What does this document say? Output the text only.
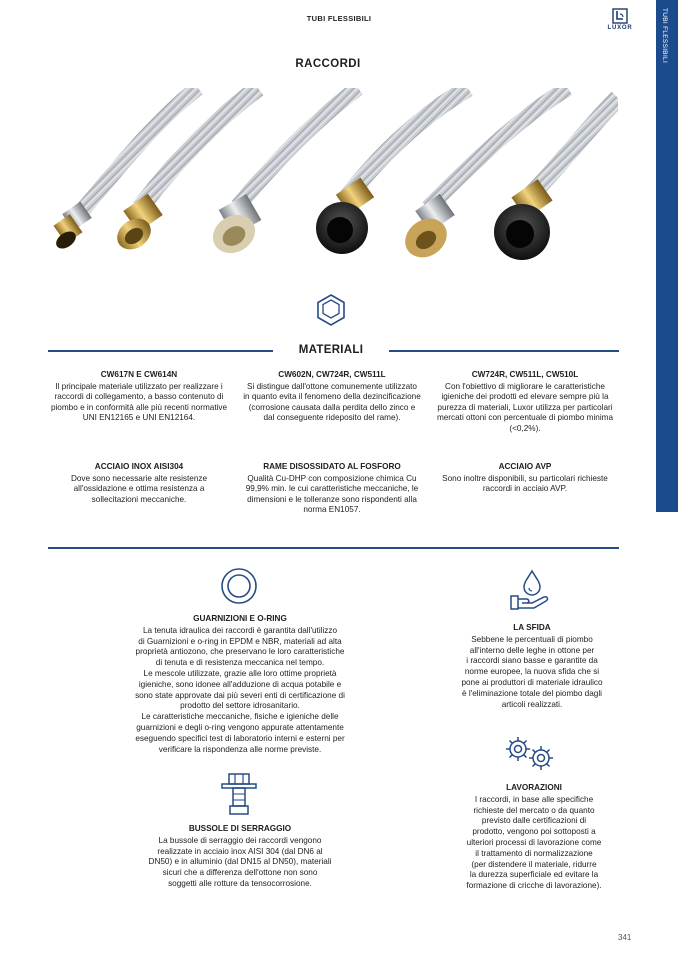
TUBI FLESSIBILI
LUXOR	TUBI FLESSIBILI
RACCORDI
MATERIALI
CW617N E CW614N
Il principale materiale utilizzato per realizzare i raccordi di collegamento, a basso contenuto di piombo e in conformità alle più recenti normative UNI EN12165 e UNI EN12164.
CW602N, CW724R, CW511L
Si distingue dall'ottone comunemente utilizzato in quanto evita il fenomeno della dezincificazione (corrosione causata dalla perdita dello zinco e dal conseguente rideposito del rame).
CW724R, CW511L, CW510L
Con l'obiettivo di migliorare le caratteristiche igieniche dei prodotti ed elevare sempre più la purezza di materiali, Luxor utilizza per particolari mercati ottoni con percentuale di piombo minima (<0,2%).
ACCIAIO INOX AISI304
Dove sono necessarie alte resistenze all'ossidazione e ottima resistenza a sollecitazioni meccaniche.
RAME DISOSSIDATO AL FOSFORO
Qualità Cu-DHP con composizione chimica Cu 99,9% min. le cui caratteristiche meccaniche, le dimensioni e le tolleranze sono rispondenti alla norma EN1057.
ACCIAIO AVP
Sono inoltre disponibili, su particolari richieste raccordi in acciaio AVP.
GUARNIZIONI E O-RING
La tenuta idraulica dei raccordi è garantita dall'utilizzo
di Guarnizioni e o-ring in EPDM e NBR, materiali ad alta
proprietà antiozono, che preservano le loro caratteristiche
di tenuta e di resistenza meccanica nel tempo.
Le mescole utilizzate, grazie alle loro ottime proprietà
igieniche, sono idonee all'adduzione di acqua potabile e
sono state approvate dai più severi enti di certificazione di
prodotto del settore idrosanitario.
Le caratteristiche meccaniche, fisiche e igieniche delle
guarnizioni e degli o-ring vengono appurate attentamente
eseguendo specifici test di laboratorio interni e esterni per
verificare la rispondenza alle norme previste.
LA SFIDA
Sebbene le percentuali di piombo
all'interno delle leghe in ottone per
i raccordi siano basse e garantite da
norme europee, la nuova sfida che si
pone ai produttori di materiale idraulico
è l'eliminazione totale del piombo dagli
articoli realizzati.
BUSSOLE DI SERRAGGIO
La bussole di serraggio dei raccordi vengono
realizzate in acciaio inox AISI 304 (dal DN6 al
DN50) e in alluminio (dal DN15 al DN50), materiali
sicuri che a differenza dell'ottone non sono
soggetti alle rotture da tensocorrosione.
LAVORAZIONI
I raccordi, in base alle specifiche
richieste del mercato o da quanto
previsto dalle certificazioni di
prodotto, vengono poi sottoposti a
ulteriori processi di lavorazione come
il trattamento di normalizzazione
(per distendere il materiale, ridurre
la durezza superficiale ed evitare la
formazione di cricche di lavorazione).
341
